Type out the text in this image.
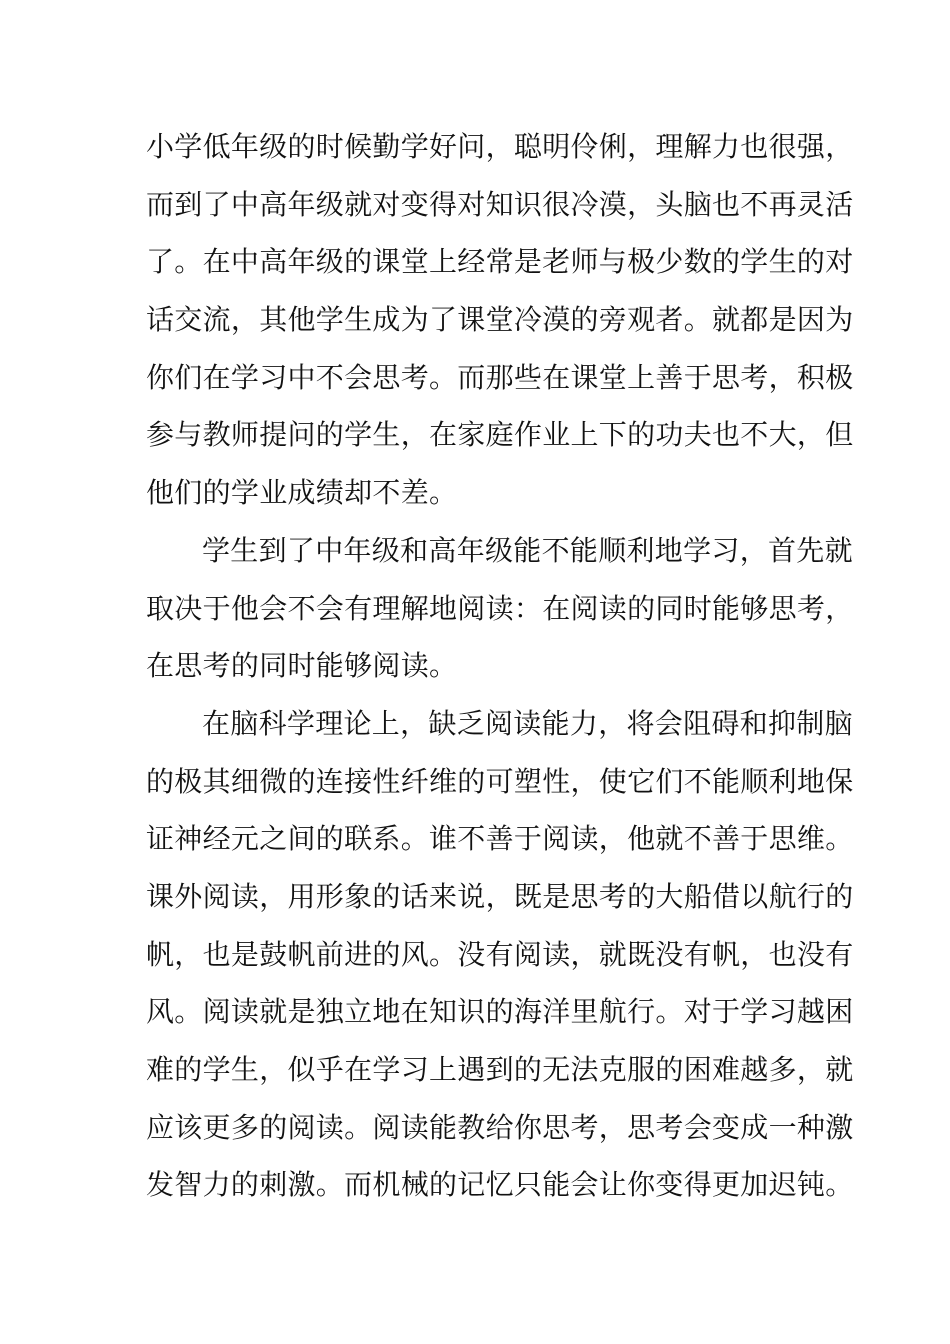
小学低年级的时候勤学好问，聪明伶俐，理解力也很强，
而到了中高年级就对变得对知识很冷漠，头脑也不再灵活
了。在中高年级的课堂上经常是老师与极少数的学生的对
话交流，其他学生成为了课堂冷漠的旁观者。就都是因为
你们在学习中不会思考。而那些在课堂上善于思考，积极
参与教师提问的学生，在家庭作业上下的功夫也不大，但
他们的学业成绩却不差。
学生到了中年级和高年级能不能顺利地学习，首先就
取决于他会不会有理解地阅读：在阅读的同时能够思考，
在思考的同时能够阅读。
在脑科学理论上，缺乏阅读能力，将会阻碍和抑制脑
的极其细微的连接性纤维的可塑性，使它们不能顺利地保
证神经元之间的联系。谁不善于阅读，他就不善于思维。
课外阅读，用形象的话来说，既是思考的大船借以航行的
帆，也是鼓帆前进的风。没有阅读，就既没有帆，也没有
风。阅读就是独立地在知识的海洋里航行。对于学习越困
难的学生，似乎在学习上遇到的无法克服的困难越多，就
应该更多的阅读。阅读能教给你思考，思考会变成一种激
发智力的刺激。而机械的记忆只能会让你变得更加迟钝。
